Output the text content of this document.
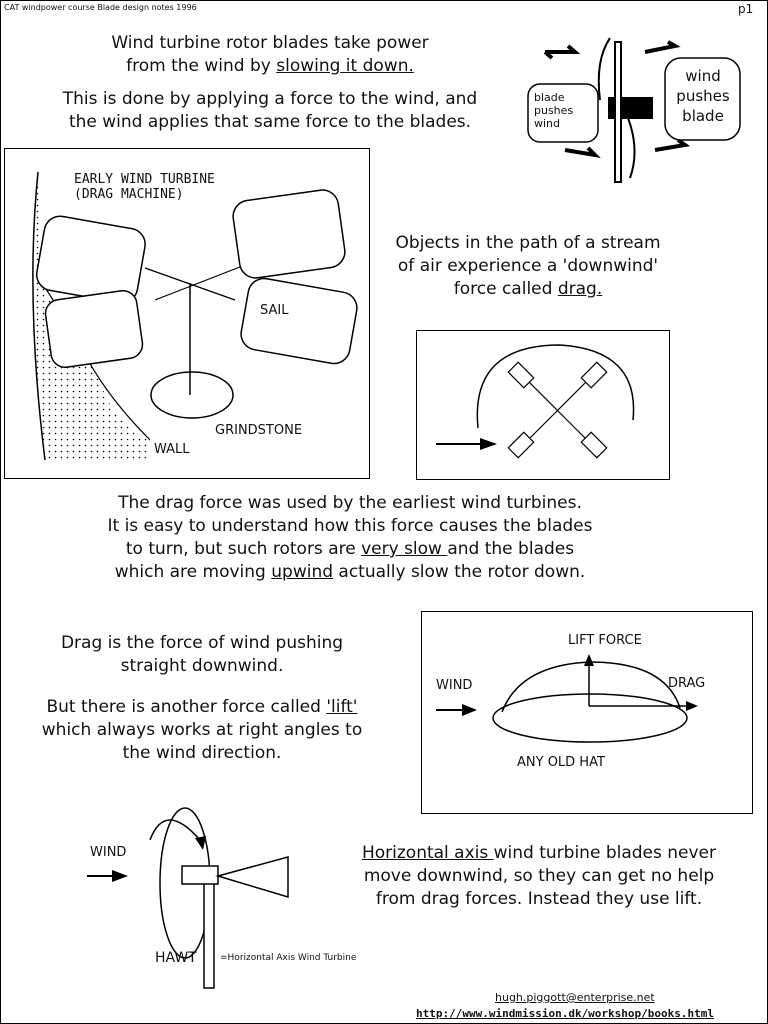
CAT windpower course Blade design notes 1996	p1
Wind turbine rotor blades take power
from the wind by slowing it down.
This is done by applying a force to the wind, and
the wind applies that same force to the blades.
blade
pushes
wind
wind
pushes
blade
EARLY WIND TURBINE
(DRAG MACHINE)
SAIL
GRINDSTONE
WALL
Objects in the path of a stream
of air experience a 'downwind'
force called drag.
The drag force was used by the earliest wind turbines.
It is easy to understand how this force causes the blades
to turn, but such rotors are very slow and the blades
which are moving upwind actually slow the rotor down.
Drag is the force of wind pushing
straight downwind.
But there is another force called 'lift'
which always works at right angles to
the wind direction.
LIFT FORCE
WIND	DRAG
ANY OLD HAT
WIND
HAWT	=Horizontal Axis Wind Turbine
Horizontal axis wind turbine blades never
move downwind, so they can get no help
from drag forces. Instead they use lift.
hugh.piggott@enterprise.net
http://www.windmission.dk/workshop/books.html
